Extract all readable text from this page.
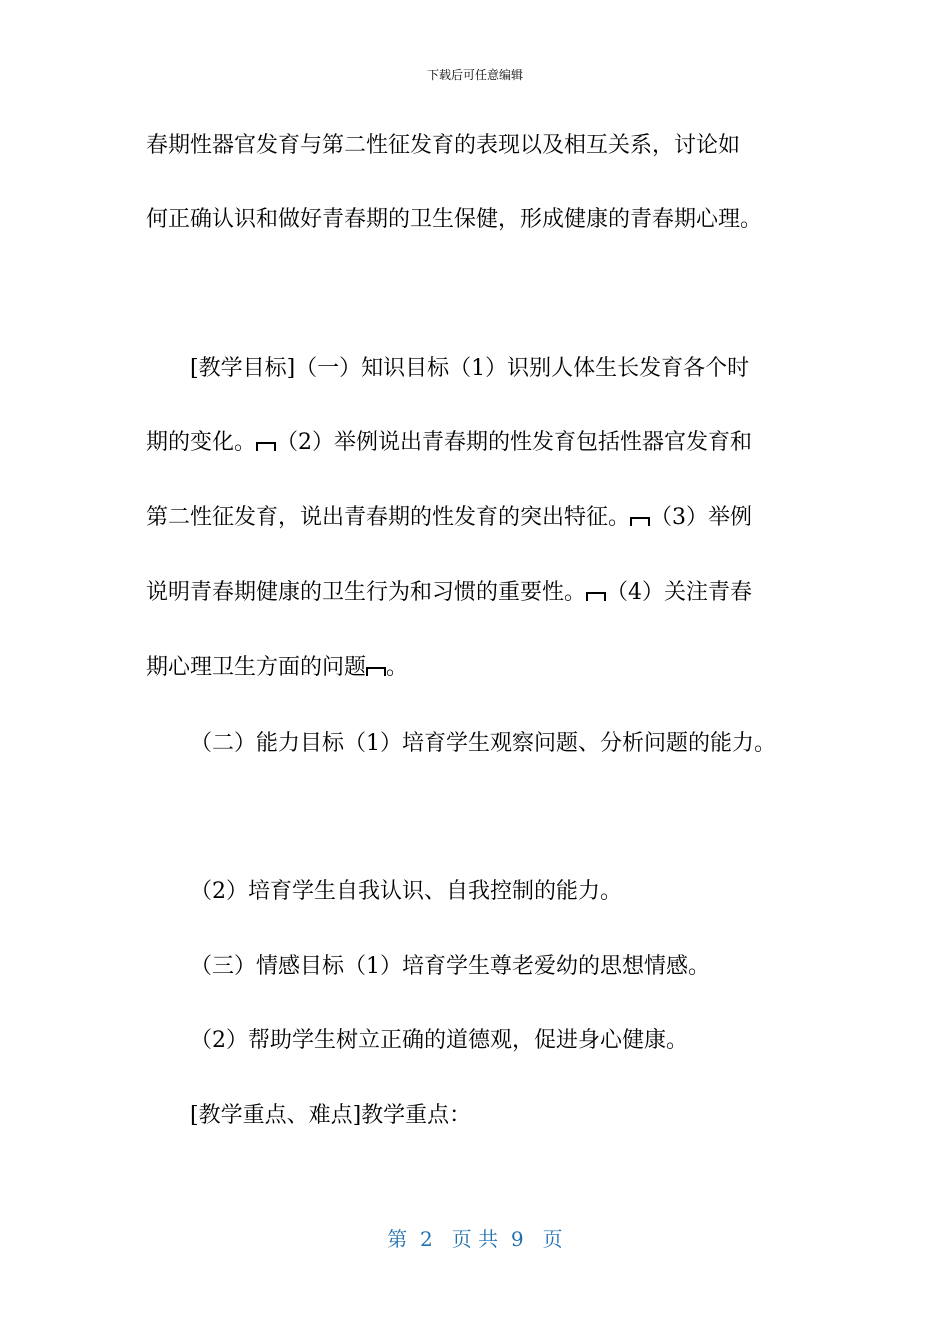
下载后可任意编辑
春期性器官发育与第二性征发育的表现以及相互关系，讨论如
何正确认识和做好青春期的卫生保健，形成健康的青春期心理。
[教学目标]（一）知识目标（1）识别人体生长发育各个时
期的变化。 （2）举例说出青春期的性发育包括性器官发育和
第二性征发育，说出青春期的性发育的突出特征。 （3）举例
说明青春期健康的卫生行为和习惯的重要性。 （4）关注青春
期心理卫生方面的问题 。
（二）能力目标（1）培育学生观察问题、分析问题的能力。
（2）培育学生自我认识、自我控制的能力。
（三）情感目标（1）培育学生尊老爱幼的思想情感。
（2）帮助学生树立正确的道德观，促进身心健康。
[教学重点、难点]教学重点：
第  2   页 共  9   页
